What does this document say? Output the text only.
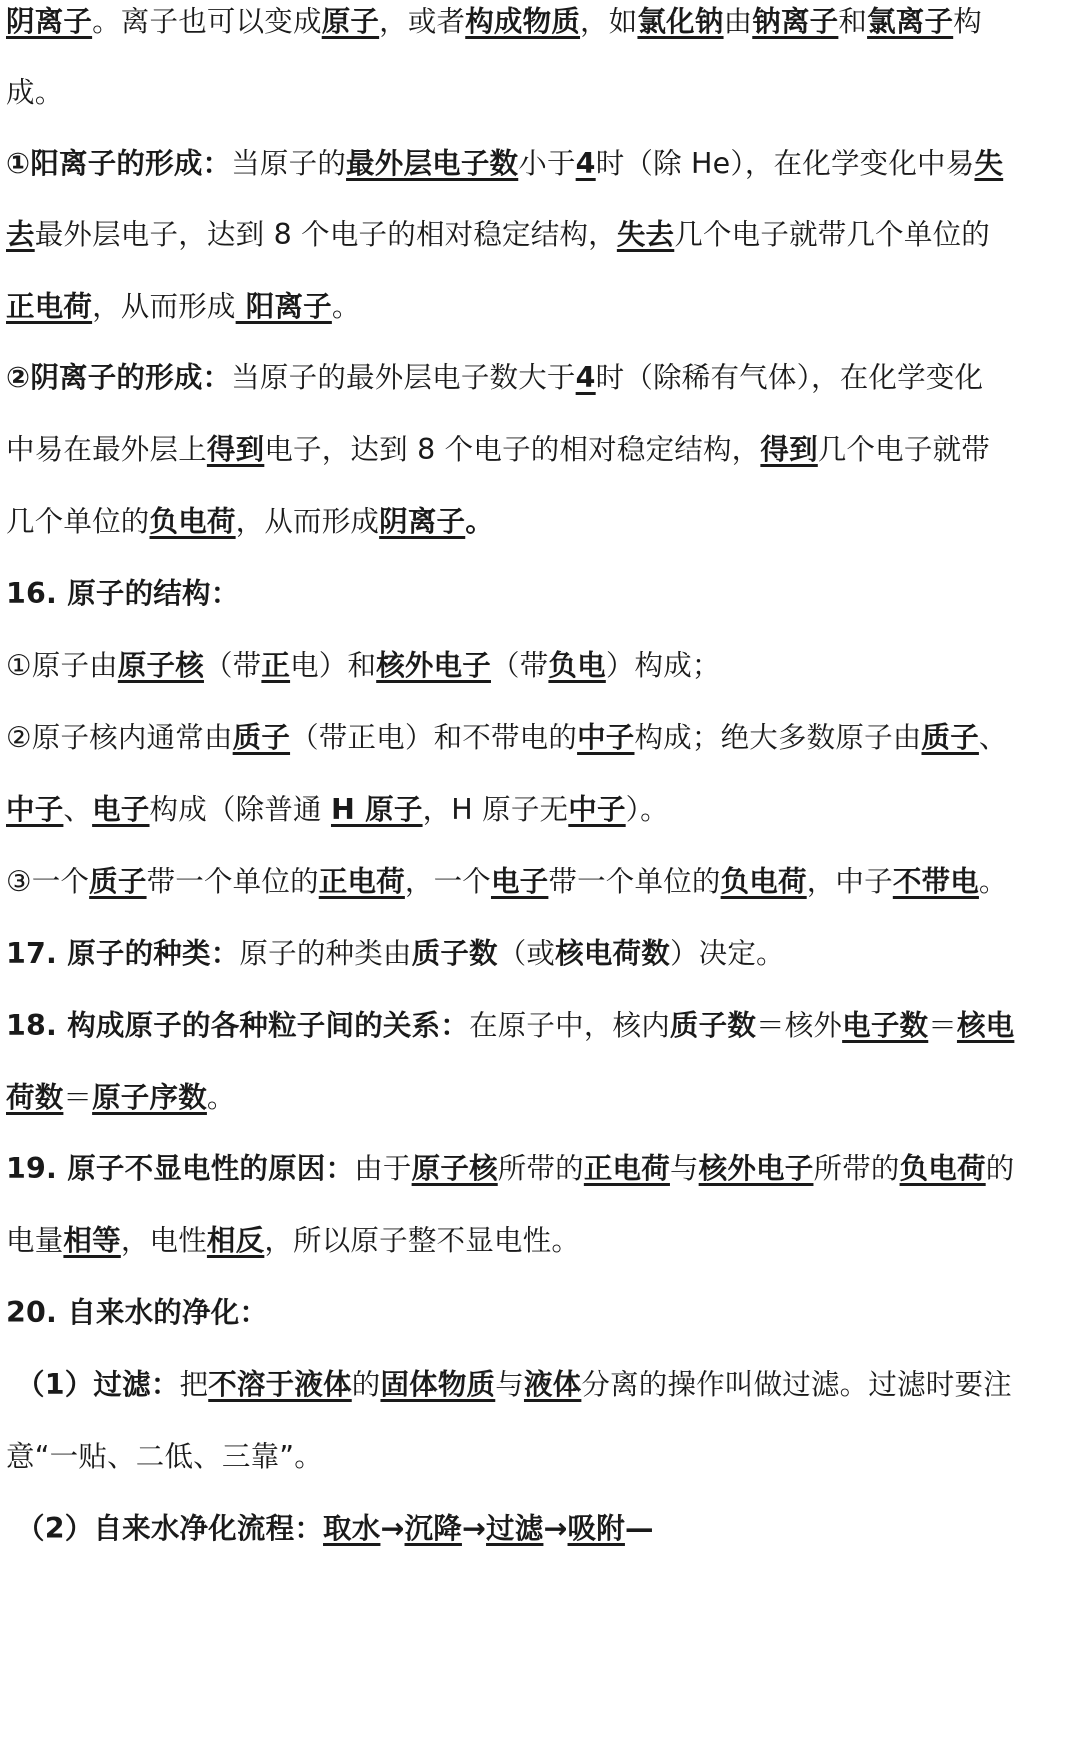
阴离子。离子也可以变成原子，或者构成物质，如氯化钠由钠离子和氯离子构
成。
①阳离子的形成：当原子的最外层电子数小于4时（除 He），在化学变化中易失
去最外层电子，达到 8 个电子的相对稳定结构，失去几个电子就带几个单位的
正电荷，从而形成 阳离子。
②阴离子的形成：当原子的最外层电子数大于4时（除稀有气体），在化学变化
中易在最外层上得到电子，达到 8 个电子的相对稳定结构，得到几个电子就带
几个单位的负电荷，从而形成阴离子。
16. 原子的结构：
①原子由原子核（带正电）和核外电子（带负电）构成；
②原子核内通常由质子（带正电）和不带电的中子构成；绝大多数原子由质子、
中子、电子构成（除普通 H 原子，H 原子无中子）。
③一个质子带一个单位的正电荷，一个电子带一个单位的负电荷，中子不带电。
17. 原子的种类：原子的种类由质子数（或核电荷数）决定。
18. 构成原子的各种粒子间的关系：在原子中，核内质子数＝核外电子数＝核电
荷数＝原子序数。
19. 原子不显电性的原因：由于原子核所带的正电荷与核外电子所带的负电荷的
电量相等，电性相反，所以原子整不显电性。
20. 自来水的净化：
（1）过滤：把不溶于液体的固体物质与液体分离的操作叫做过滤。过滤时要注
意“一贴、二低、三靠”。
（2）自来水净化流程：取水→沉降→过滤→吸附—
